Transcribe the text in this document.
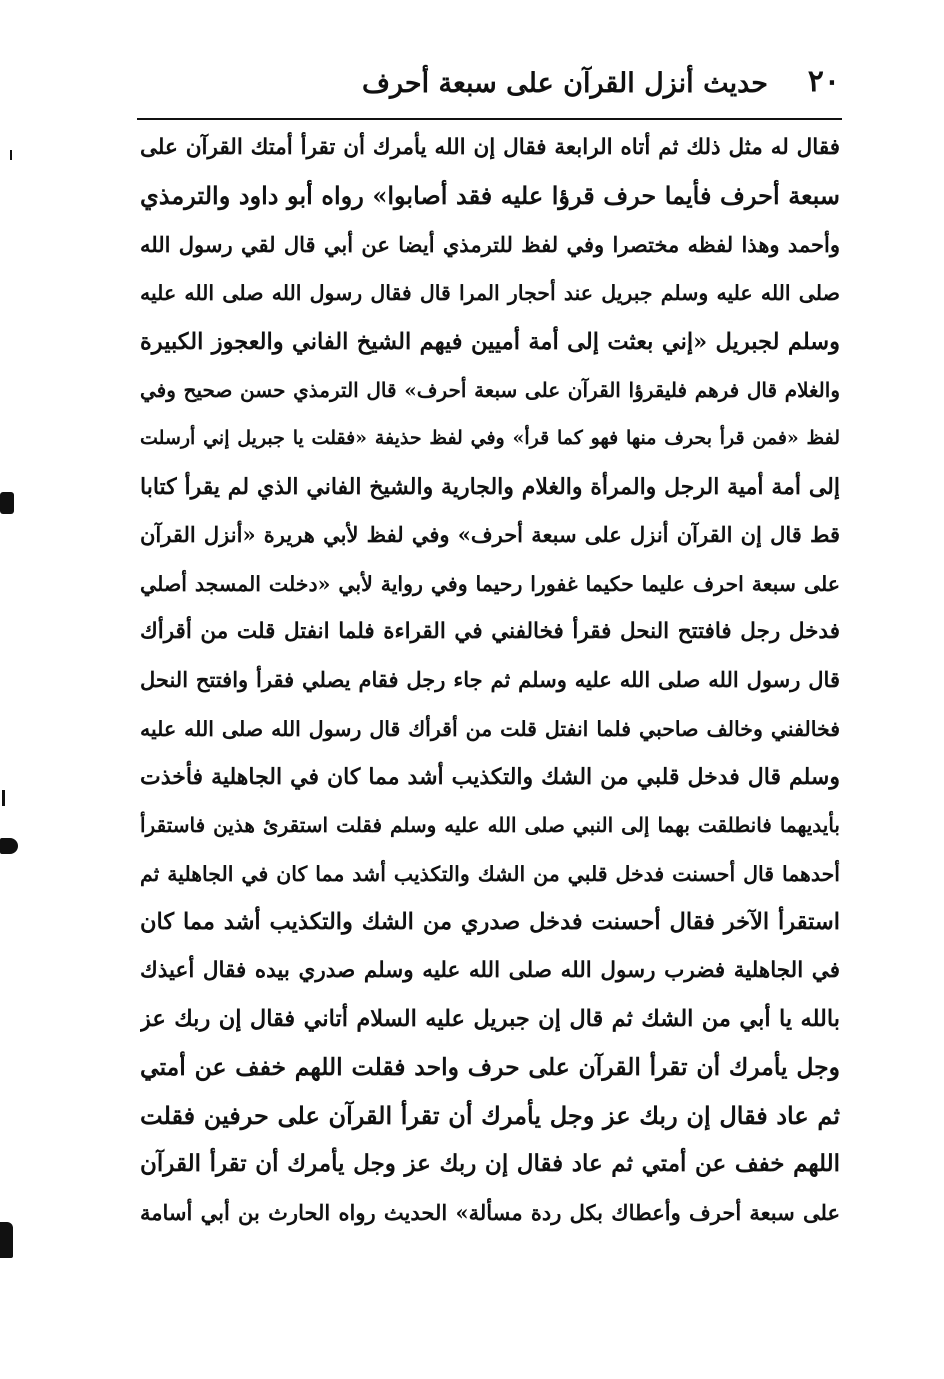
٢٠
حديث أنزل القرآن على سبعة أحرف
فقال له مثل ذلك ثم أتاه الرابعة فقال إن الله يأمرك أن تقرأ أمتك القرآن على
سبعة أحرف فأيما حرف قرؤا عليه فقد أصابوا» رواه أبو داود والترمذي
وأحمد وهذا لفظه مختصرا وفي لفظ للترمذي أيضا عن أبي قال لقي رسول الله
صلى الله عليه وسلم جبريل عند أحجار المرا قال فقال رسول الله صلى الله عليه
وسلم لجبريل «إني بعثت إلى أمة أميين فيهم الشيخ الفاني والعجوز الكبيرة
والغلام قال فرهم فليقرؤا القرآن على سبعة أحرف» قال الترمذي حسن صحيح وفي
لفظ «فمن قرأ بحرف منها فهو كما قرأ» وفي لفظ حذيفة «فقلت يا جبريل إني أرسلت
إلى أمة أمية الرجل والمرأة والغلام والجارية والشيخ الفاني الذي لم يقرأ كتابا
قط قال إن القرآن أنزل على سبعة أحرف» وفي لفظ لأبي هريرة «أنزل القرآن
على سبعة احرف عليما حكيما غفورا رحيما وفي رواية لأبي «دخلت المسجد أصلي
فدخل رجل فافتتح النحل فقرأ فخالفني في القراءة فلما انفتل قلت من أقرأك
قال رسول الله صلى الله عليه وسلم ثم جاء رجل فقام يصلي فقرأ وافتتح النحل
فخالفني وخالف صاحبي فلما انفتل قلت من أقرأك قال رسول الله صلى الله عليه
وسلم قال فدخل قلبي من الشك والتكذيب أشد مما كان في الجاهلية فأخذت
بأيديهما فانطلقت بهما إلى النبي صلى الله عليه وسلم فقلت استقرئ هذين فاستقرأ
أحدهما قال أحسنت فدخل قلبي من الشك والتكذيب أشد مما كان في الجاهلية ثم
استقرأ الآخر فقال أحسنت فدخل صدري من الشك والتكذيب أشد مما كان
في الجاهلية فضرب رسول الله صلى الله عليه وسلم صدري بيده فقال أعيذك
بالله يا أبي من الشك ثم قال إن جبريل عليه السلام أتاني فقال إن ربك عز
وجل يأمرك أن تقرأ القرآن على حرف واحد فقلت اللهم خفف عن أمتي
ثم عاد فقال إن ربك عز وجل يأمرك أن تقرأ القرآن على حرفين فقلت
اللهم خفف عن أمتي ثم عاد فقال إن ربك عز وجل يأمرك أن تقرأ القرآن
على سبعة أحرف وأعطاك بكل ردة مسألة» الحديث رواه الحارث بن أبي أسامة
